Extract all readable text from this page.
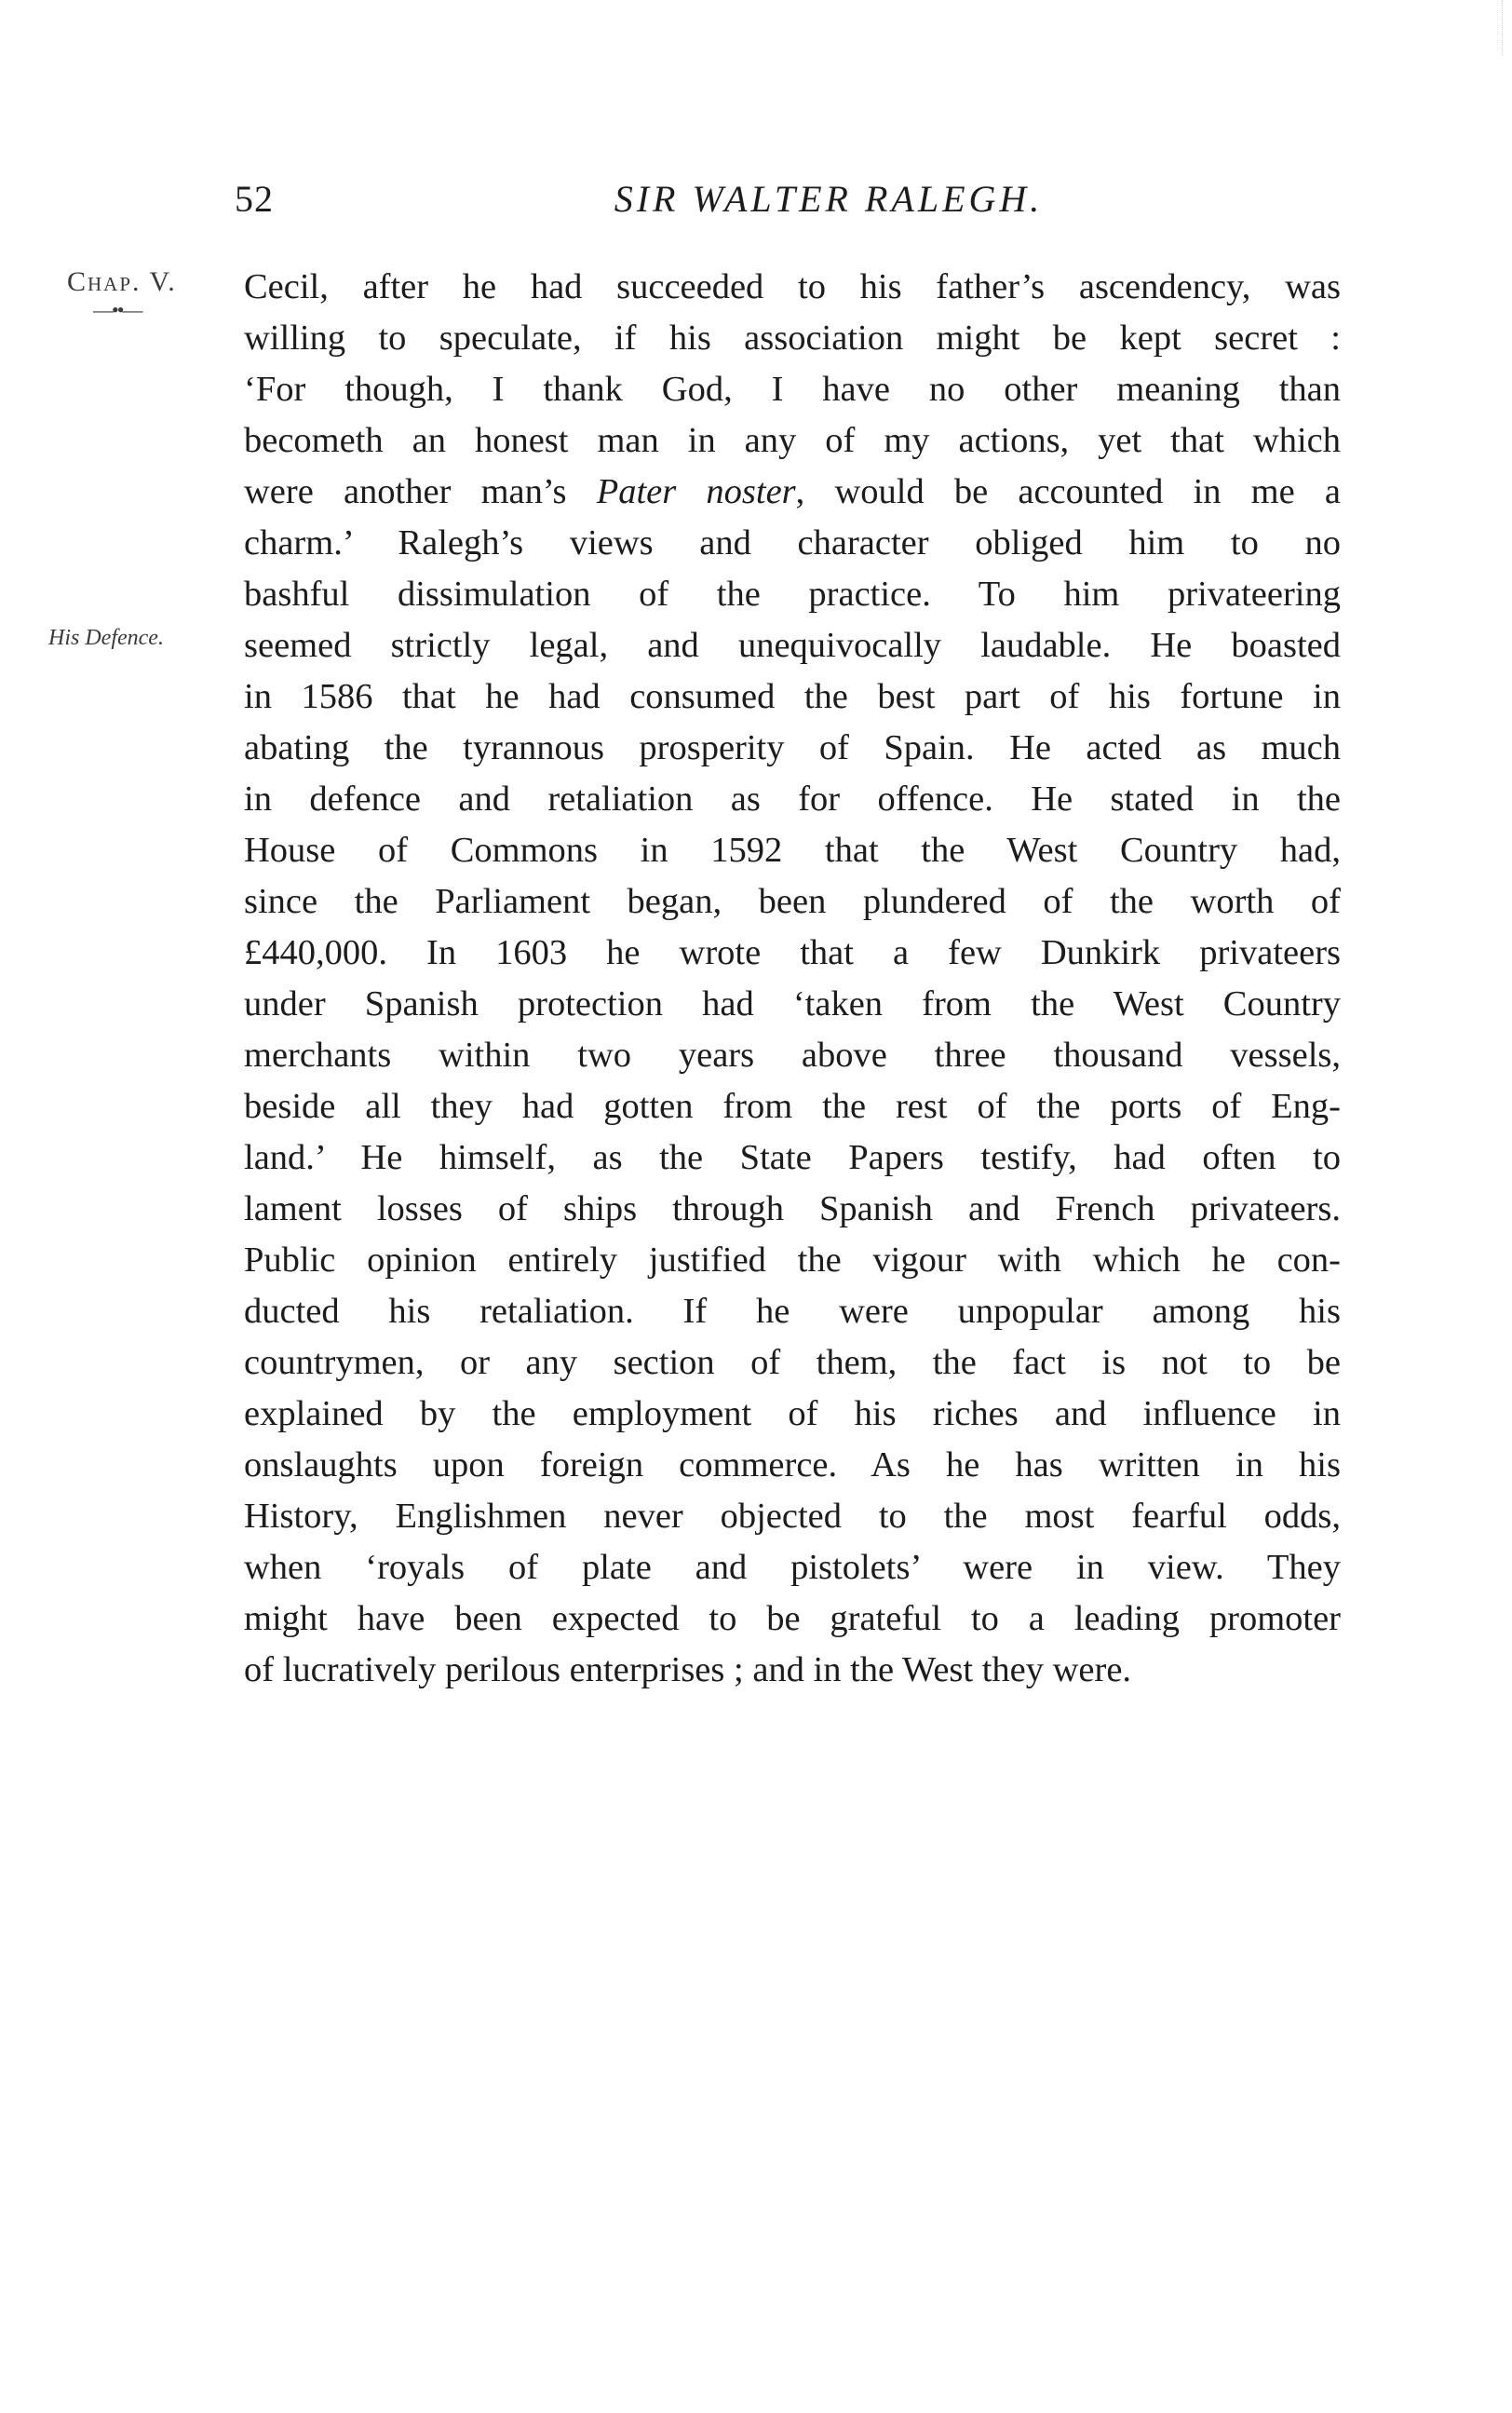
52	SIR WALTER RALEGH.
Chap. V.
—••—
His Defence.
Cecil, after he had succeeded to his father’s ascendency, was
willing to speculate, if his association might be kept secret :
‘For though, I thank God, I have no other meaning than
becometh an honest man in any of my actions, yet that which
were another man’s Pater noster, would be accounted in me a
charm.’ Ralegh’s views and character obliged him to no
bashful dissimulation of the practice. To him privateering
seemed strictly legal, and unequivocally laudable. He boasted
in 1586 that he had consumed the best part of his fortune in
abating the tyrannous prosperity of Spain. He acted as much
in defence and retaliation as for offence. He stated in the
House of Commons in 1592 that the West Country had,
since the Parliament began, been plundered of the worth of
£440,000. In 1603 he wrote that a few Dunkirk privateers
under Spanish protection had ‘taken from the West Country
merchants within two years above three thousand vessels,
beside all they had gotten from the rest of the ports of Eng-
land.’ He himself, as the State Papers testify, had often to
lament losses of ships through Spanish and French privateers.
Public opinion entirely justified the vigour with which he con-
ducted his retaliation. If he were unpopular among his
countrymen, or any section of them, the fact is not to be
explained by the employment of his riches and influence in
onslaughts upon foreign commerce. As he has written in his
History, Englishmen never objected to the most fearful odds,
when ‘royals of plate and pistolets’ were in view. They
might have been expected to be grateful to a leading promoter
of lucratively perilous enterprises ; and in the West they were.
